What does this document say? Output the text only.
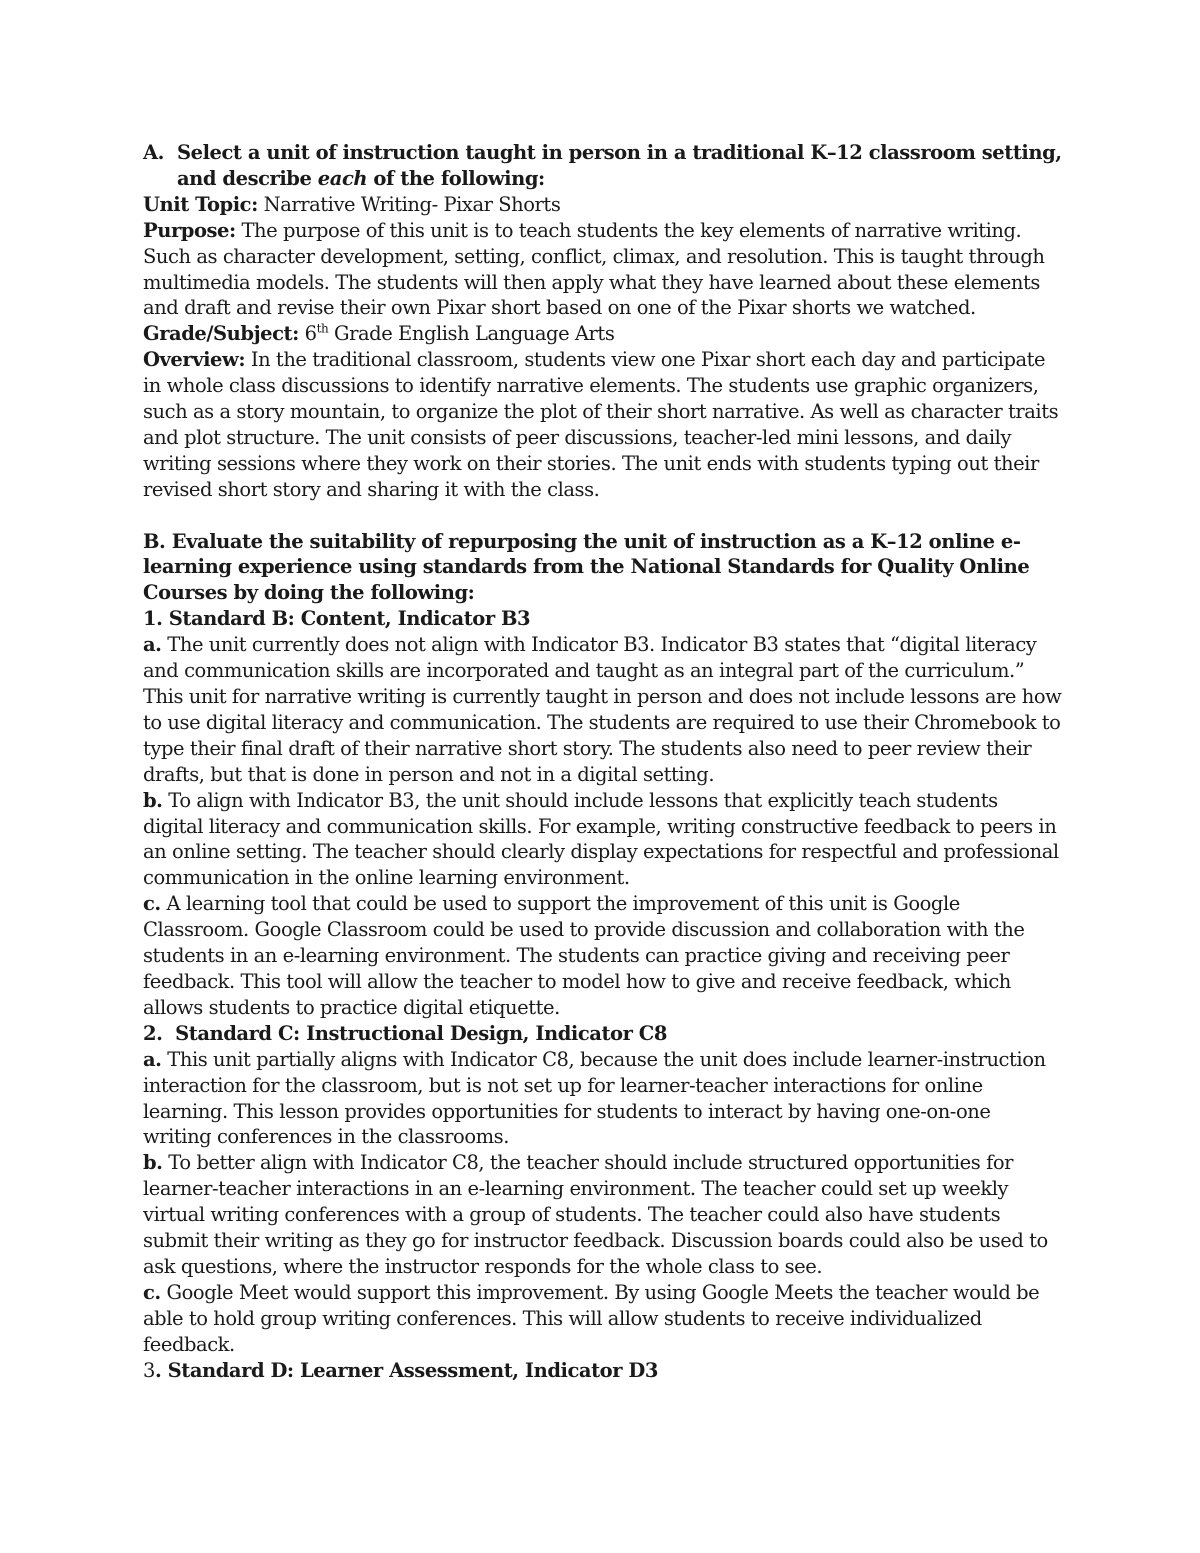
A. Select a unit of instruction taught in person in a traditional K–12 classroom setting, and describe each of the following:

Unit Topic: Narrative Writing- Pixar Shorts

Purpose: The purpose of this unit is to teach students the key elements of narrative writing. Such as character development, setting, conflict, climax, and resolution. This is taught through multimedia models. The students will then apply what they have learned about these elements and draft and revise their own Pixar short based on one of the Pixar shorts we watched.

Grade/Subject: 6th Grade English Language Arts

Overview: In the traditional classroom, students view one Pixar short each day and participate in whole class discussions to identify narrative elements. The students use graphic organizers, such as a story mountain, to organize the plot of their short narrative. As well as character traits and plot structure. The unit consists of peer discussions, teacher-led mini lessons, and daily writing sessions where they work on their stories. The unit ends with students typing out their revised short story and sharing it with the class.

B. Evaluate the suitability of repurposing the unit of instruction as a K–12 online e-learning experience using standards from the National Standards for Quality Online Courses by doing the following:

1. Standard B: Content, Indicator B3

a. The unit currently does not align with Indicator B3. Indicator B3 states that “digital literacy and communication skills are incorporated and taught as an integral part of the curriculum.” This unit for narrative writing is currently taught in person and does not include lessons are how to use digital literacy and communication. The students are required to use their Chromebook to type their final draft of their narrative short story. The students also need to peer review their drafts, but that is done in person and not in a digital setting.

b. To align with Indicator B3, the unit should include lessons that explicitly teach students digital literacy and communication skills. For example, writing constructive feedback to peers in an online setting. The teacher should clearly display expectations for respectful and professional communication in the online learning environment.

c. A learning tool that could be used to support the improvement of this unit is Google Classroom. Google Classroom could be used to provide discussion and collaboration with the students in an e-learning environment. The students can practice giving and receiving peer feedback. This tool will allow the teacher to model how to give and receive feedback, which allows students to practice digital etiquette.

2.  Standard C: Instructional Design, Indicator C8

a. This unit partially aligns with Indicator C8, because the unit does include learner-instruction interaction for the classroom, but is not set up for learner-teacher interactions for online learning. This lesson provides opportunities for students to interact by having one-on-one writing conferences in the classrooms.

b. To better align with Indicator C8, the teacher should include structured opportunities for learner-teacher interactions in an e-learning environment. The teacher could set up weekly virtual writing conferences with a group of students. The teacher could also have students submit their writing as they go for instructor feedback. Discussion boards could also be used to ask questions, where the instructor responds for the whole class to see.

c. Google Meet would support this improvement. By using Google Meets the teacher would be able to hold group writing conferences. This will allow students to receive individualized feedback.

3. Standard D: Learner Assessment, Indicator D3
